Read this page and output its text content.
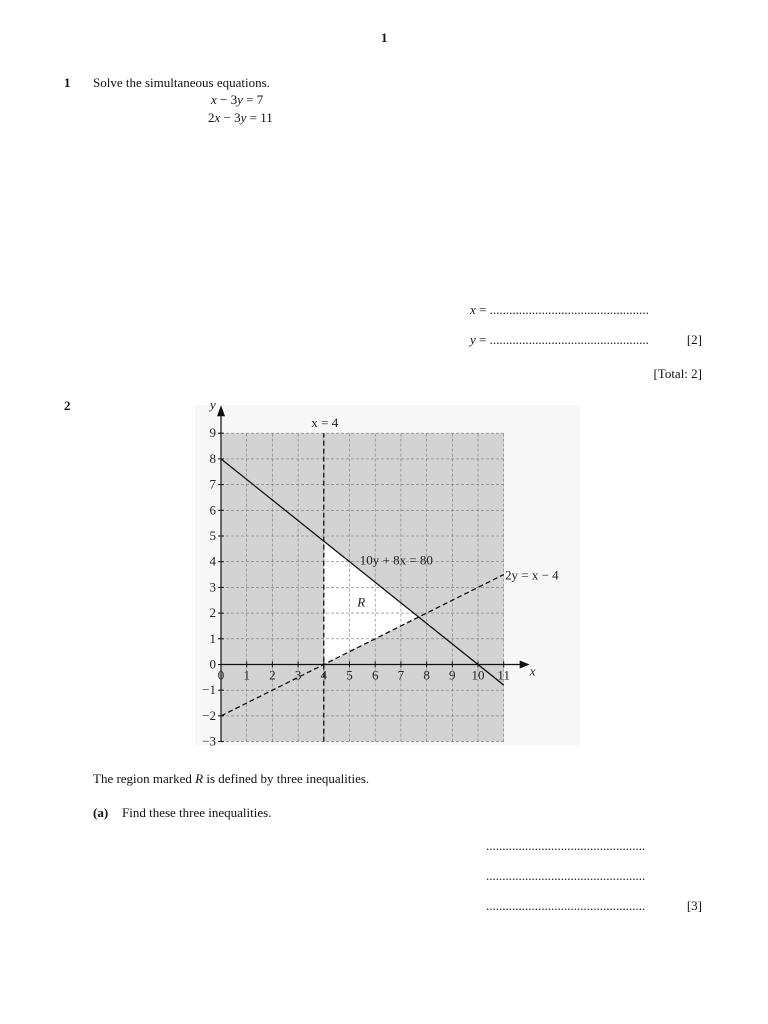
1
1 Solve the simultaneous equations.
x − 3y = 7
2x − 3y = 11
x = .................................................
y = .................................................	[2]
[Total: 2]
2
0 1 2 3 4 5 6 7 8 9 10 11
−3
−2
−1
0
1
2
3
4
5
6
7
8
9
x
y
x = 4
10y + 8x = 80
2y = x − 4
R
The region marked R is defined by three inequalities.
(a) Find these three inequalities.
.................................................
.................................................
.................................................	[3]
